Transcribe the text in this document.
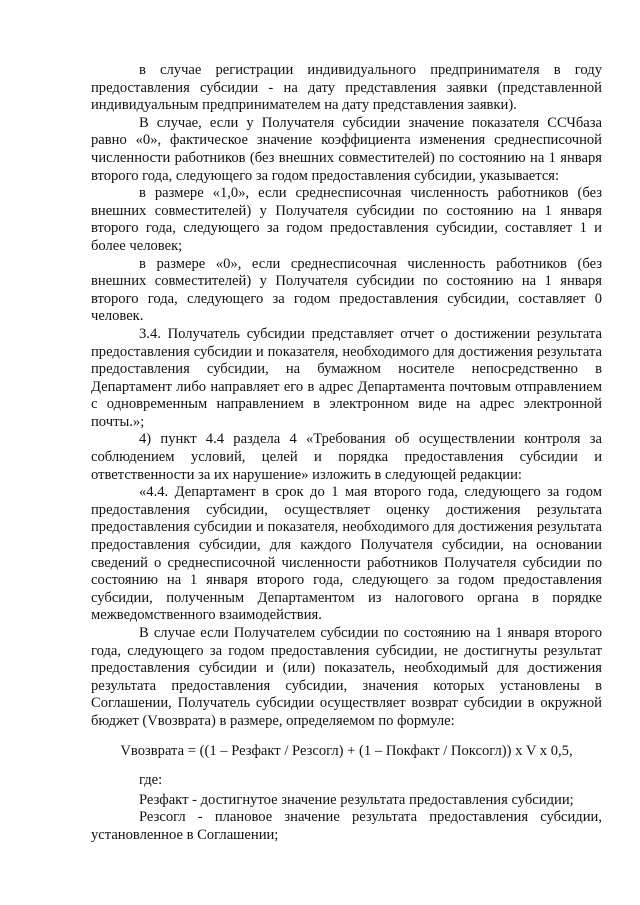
в случае регистрации индивидуального предпринимателя в году предоставления субсидии - на дату представления заявки (представленной индивидуальным предпринимателем на дату представления заявки).

В случае, если у Получателя субсидии значение показателя ССЧбаза равно «0», фактическое значение коэффициента изменения среднесписочной численности работников (без внешних совместителей) по состоянию на 1 января второго года, следующего за годом предоставления субсидии, указывается:

в размере «1,0», если среднесписочная численность работников (без внешних совместителей) у Получателя субсидии по состоянию на 1 января второго года, следующего за годом предоставления субсидии, составляет 1 и более человек;

в размере «0», если среднесписочная численность работников (без внешних совместителей) у Получателя субсидии по состоянию на 1 января второго года, следующего за годом предоставления субсидии, составляет 0 человек.

3.4. Получатель субсидии представляет отчет о достижении результата предоставления субсидии и показателя, необходимого для достижения результата предоставления субсидии, на бумажном носителе непосредственно в Департамент либо направляет его в адрес Департамента почтовым отправлением с одновременным направлением в электронном виде на адрес электронной почты.»;

4) пункт 4.4 раздела 4 «Требования об осуществлении контроля за соблюдением условий, целей и порядка предоставления субсидии и ответственности за их нарушение» изложить в следующей редакции:

«4.4. Департамент в срок до 1 мая второго года, следующего за годом предоставления субсидии, осуществляет оценку достижения результата предоставления субсидии и показателя, необходимого для достижения результата предоставления субсидии, для каждого Получателя субсидии, на основании сведений о среднесписочной численности работников Получателя субсидии по состоянию на 1 января второго года, следующего за годом предоставления субсидии, полученным Департаментом из налогового органа в порядке межведомственного взаимодействия.

В случае если Получателем субсидии по состоянию на 1 января второго года, следующего за годом предоставления субсидии, не достигнуты результат предоставления субсидии и (или) показатель, необходимый для достижения результата предоставления субсидии, значения которых установлены в Соглашении, Получатель субсидии осуществляет возврат субсидии в окружной бюджет (Vвозврата) в размере, определяемом по формуле:

Vвозврата = ((1 – Резфакт / Резсогл) + (1 – Покфакт / Поксогл)) x V x 0,5,

где:

Резфакт - достигнутое значение результата предоставления субсидии;

Резсогл - плановое значение результата предоставления субсидии, установленное в Соглашении;
